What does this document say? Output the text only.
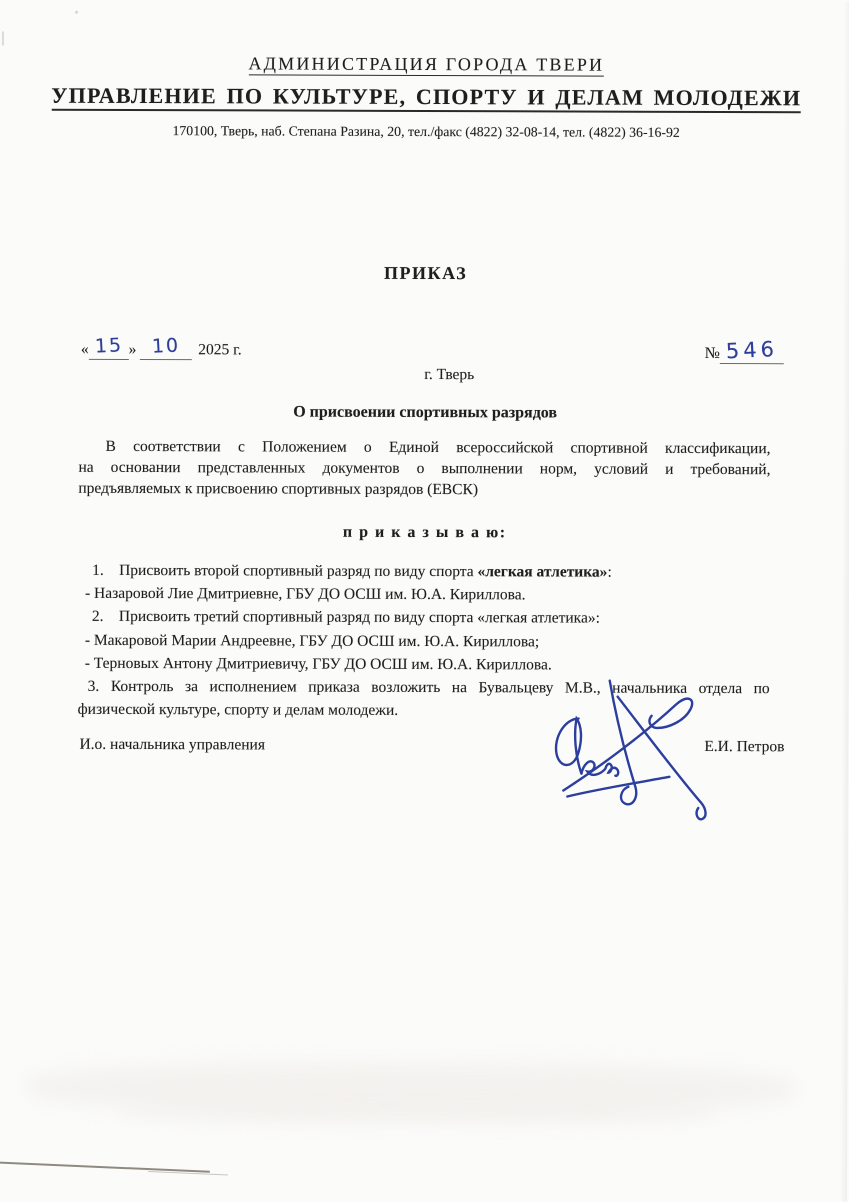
АДМИНИСТРАЦИЯ ГОРОДА ТВЕРИ
УПРАВЛЕНИЕ ПО КУЛЬТУРЕ, СПОРТУ И ДЕЛАМ МОЛОДЕЖИ
170100, Тверь, наб. Степана Разина, 20, тел./факс (4822) 32-08-14, тел. (4822) 36-16-92
ПРИКАЗ
« 15 » 10 2025 г.	№ 546
г. Тверь
О присвоении спортивных разрядов
В соответствии с Положением о Единой всероссийской спортивной классификации,
на основании представленных документов о выполнении норм, условий и требований,
предъявляемых к присвоению спортивных разрядов (ЕВСК)
п р и к а з ы в а ю:
1. Присвоить второй спортивный разряд по виду спорта «легкая атлетика»:
- Назаровой Лие Дмитриевне, ГБУ ДО ОСШ им. Ю.А. Кириллова.
2. Присвоить третий спортивный разряд по виду спорта «легкая атлетика»:
- Макаровой Марии Андреевне, ГБУ ДО ОСШ им. Ю.А. Кириллова;
- Терновых Антону Дмитриевичу, ГБУ ДО ОСШ им. Ю.А. Кириллова.
3. Контроль за исполнением приказа возложить на Бувальцеву М.В., начальника отдела по
физической культуре, спорту и делам молодежи.
И.о. начальника управления	Е.И. Петров
